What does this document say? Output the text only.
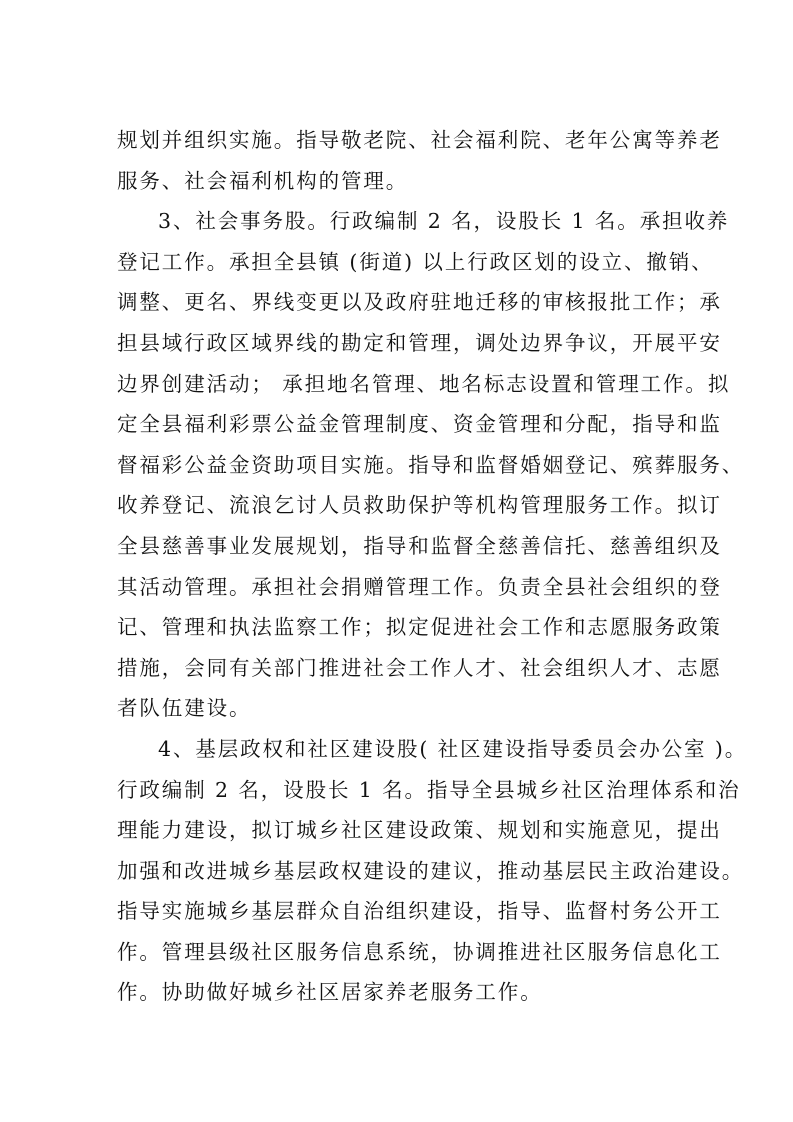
规划并组织实施。指导敬老院、社会福利院、老年公寓等养老
服务、社会福利机构的管理。
3、社会事务股。行政编制 2 名，设股长 1 名。承担收养
登记工作。承担全县镇 (街道) 以上行政区划的设立、撤销、
调整、更名、界线变更以及政府驻地迁移的审核报批工作；承
担县域行政区域界线的勘定和管理，调处边界争议，开展平安
边界创建活动； 承担地名管理、地名标志设置和管理工作。拟
定全县福利彩票公益金管理制度、资金管理和分配，指导和监
督福彩公益金资助项目实施。指导和监督婚姻登记、殡葬服务、
收养登记、流浪乞讨人员救助保护等机构管理服务工作。拟订
全县慈善事业发展规划，指导和监督全慈善信托、慈善组织及
其活动管理。承担社会捐赠管理工作。负责全县社会组织的登
记、管理和执法监察工作；拟定促进社会工作和志愿服务政策
措施，会同有关部门推进社会工作人才、社会组织人才、志愿
者队伍建设。
4、基层政权和社区建设股( 社区建设指导委员会办公室 )。
行政编制 2 名，设股长 1 名。指导全县城乡社区治理体系和治
理能力建设，拟订城乡社区建设政策、规划和实施意见，提出
加强和改进城乡基层政权建设的建议，推动基层民主政治建设。
指导实施城乡基层群众自治组织建设，指导、监督村务公开工
作。管理县级社区服务信息系统，协调推进社区服务信息化工
作。协助做好城乡社区居家养老服务工作。
